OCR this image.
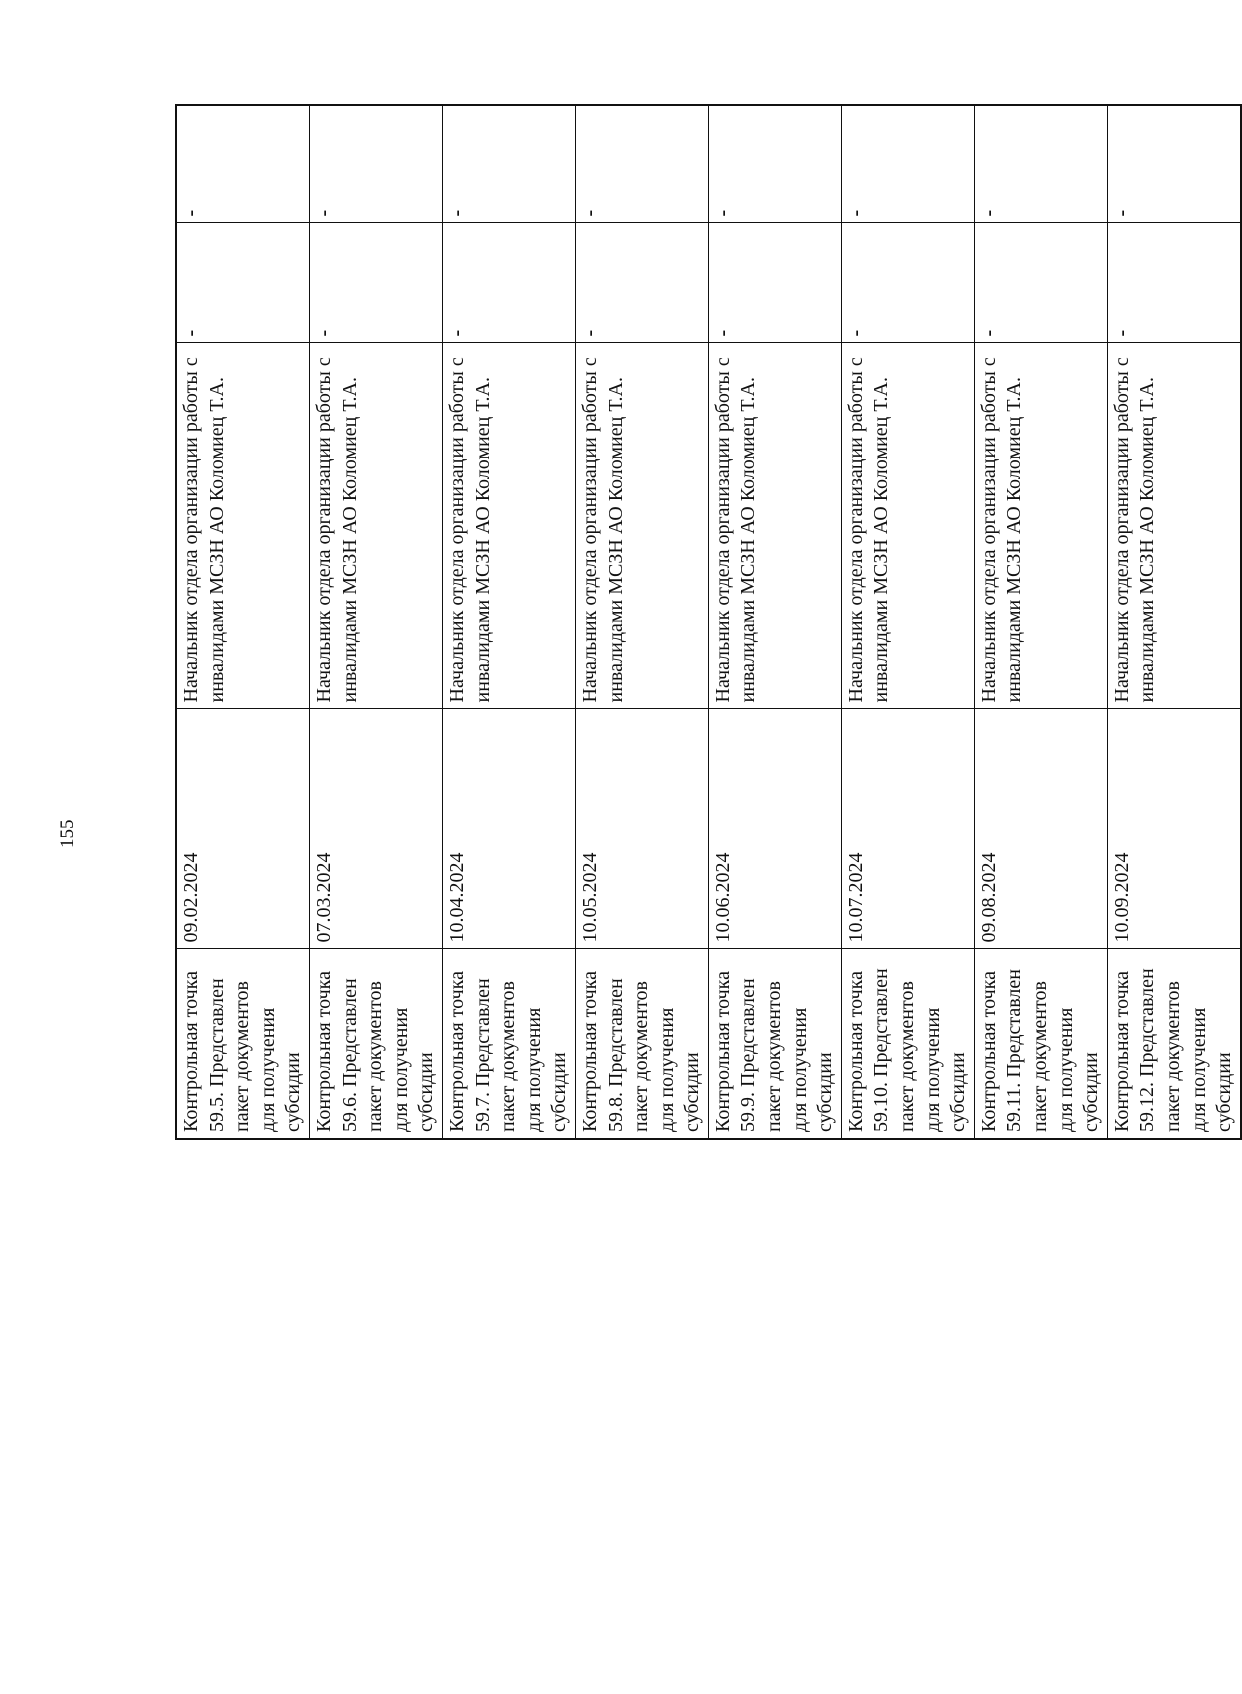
155
Контрольная точка 59.5. Представлен пакет документов для получения субсидии	09.02.2024	Начальник отдела организации работы с инвалидами МСЗН АО Коломиец Т.А.	-	-
Контрольная точка 59.6. Представлен пакет документов для получения субсидии	07.03.2024	Начальник отдела организации работы с инвалидами МСЗН АО Коломиец Т.А.	-	-
Контрольная точка 59.7. Представлен пакет документов для получения субсидии	10.04.2024	Начальник отдела организации работы с инвалидами МСЗН АО Коломиец Т.А.	-	-
Контрольная точка 59.8. Представлен пакет документов для получения субсидии	10.05.2024	Начальник отдела организации работы с инвалидами МСЗН АО Коломиец Т.А.	-	-
Контрольная точка 59.9. Представлен пакет документов для получения субсидии	10.06.2024	Начальник отдела организации работы с инвалидами МСЗН АО Коломиец Т.А.	-	-
Контрольная точка 59.10. Представлен пакет документов для получения субсидии	10.07.2024	Начальник отдела организации работы с инвалидами МСЗН АО Коломиец Т.А.	-	-
Контрольная точка 59.11. Представлен пакет документов для получения субсидии	09.08.2024	Начальник отдела организации работы с инвалидами МСЗН АО Коломиец Т.А.	-	-
Контрольная точка 59.12. Представлен пакет документов для получения субсидии	10.09.2024	Начальник отдела организации работы с инвалидами МСЗН АО Коломиец Т.А.	-	-
